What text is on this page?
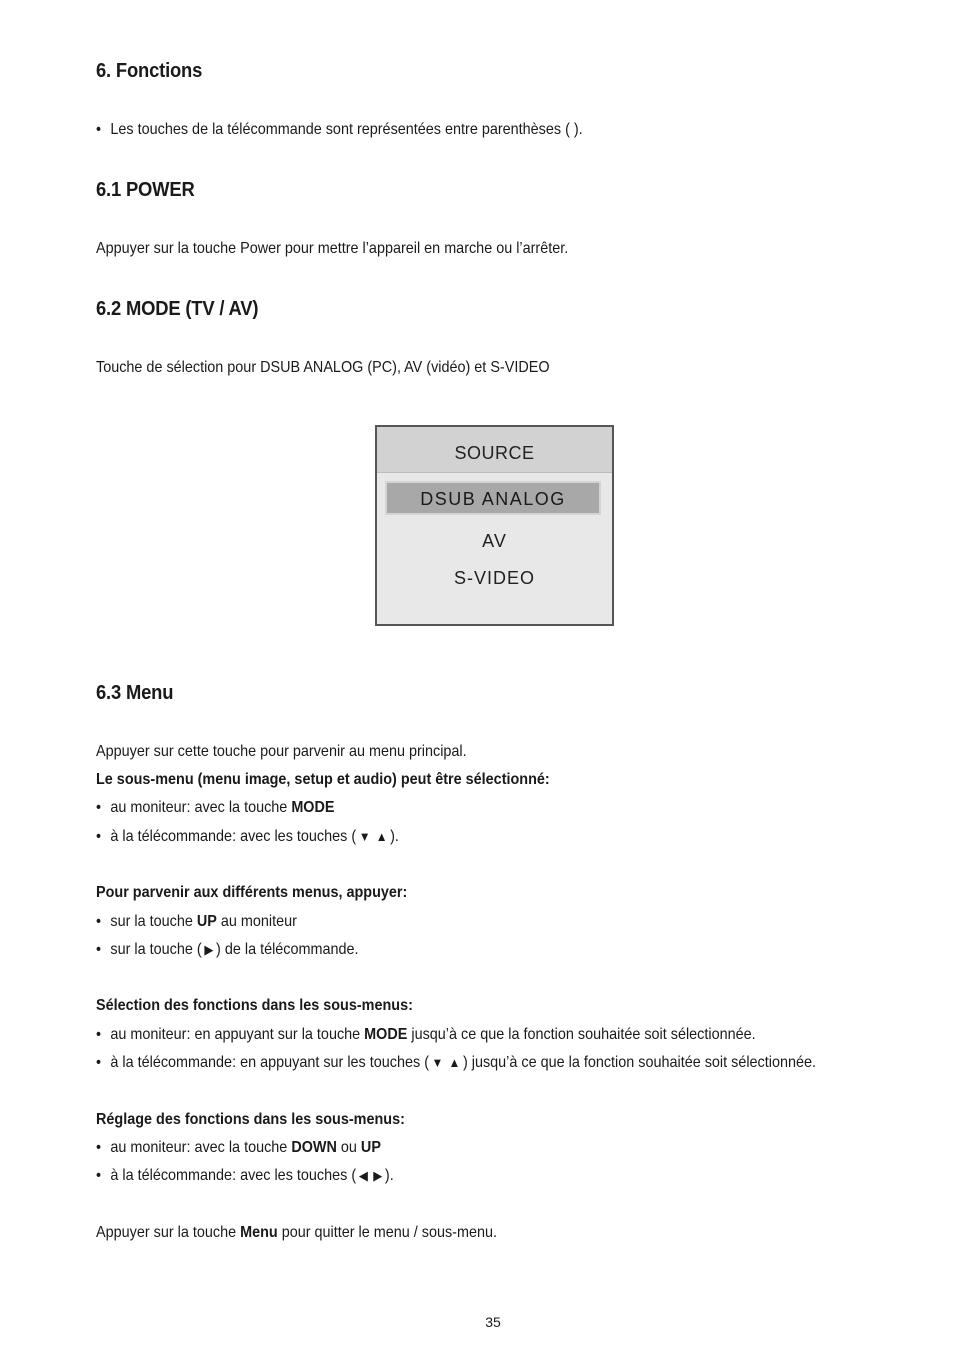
6. Fonctions
• Les touches de la télécommande sont représentées entre parenthèses ( ).
6.1 POWER
Appuyer sur la touche Power pour mettre l’appareil en marche ou l’arrêter.
6.2 MODE (TV / AV)
Touche de sélection pour DSUB ANALOG (PC), AV (vidéo) et S-VIDEO
SOURCE
DSUB ANALOG
AV
S-VIDEO
6.3 Menu
Appuyer sur cette touche pour parvenir au menu principal.
Le sous-menu (menu image, setup et audio) peut être sélectionné:
• au moniteur: avec la touche MODE
• à la télécommande: avec les touches ( ▼ ▲ ).
Pour parvenir aux différents menus, appuyer:
• sur la touche UP au moniteur
• sur la touche ( ▶ ) de la télécommande.
Sélection des fonctions dans les sous-menus:
• au moniteur: en appuyant sur la touche MODE jusqu’à ce que la fonction souhaitée soit sélectionnée.
• à la télécommande: en appuyant sur les touches ( ▼ ▲ ) jusqu’à ce que la fonction souhaitée soit sélectionnée.
Réglage des fonctions dans les sous-menus:
• au moniteur: avec la touche DOWN ou UP
• à la télécommande: avec les touches ( ◀ ▶ ).
Appuyer sur la touche Menu pour quitter le menu / sous-menu.
35
